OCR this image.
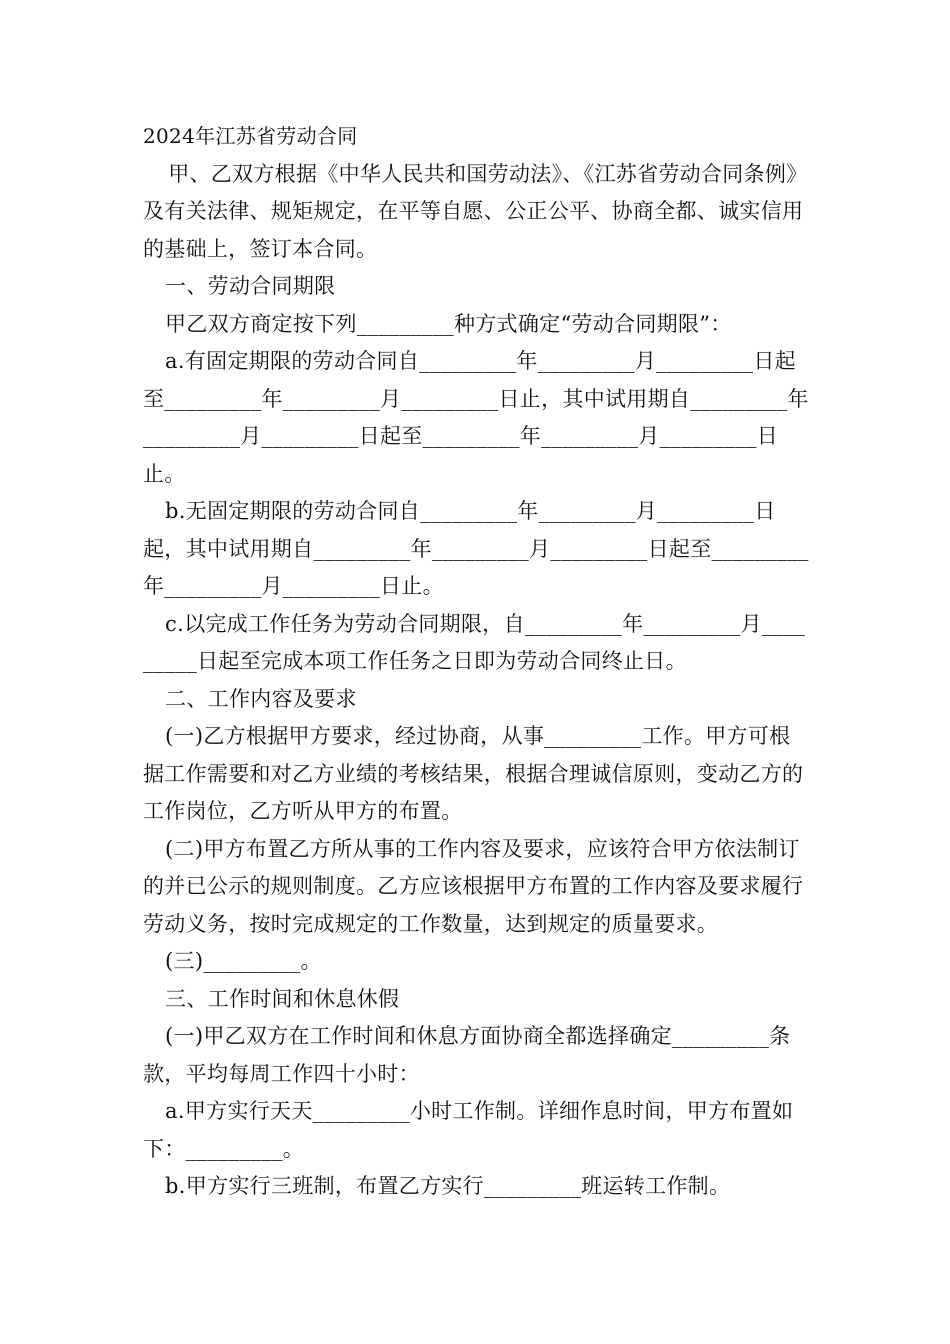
2024年江苏省劳动合同

甲、乙双方根据《中华人民共和国劳动法》、《江苏省劳动合同条例》及有关法律、规矩规定，在平等自愿、公正公平、协商全都、诚实信用的基础上，签订本合同。

一、劳动合同期限

甲乙双方商定按下列_________种方式确定“劳动合同期限”：

a.有固定期限的劳动合同自_________年_________月_________日起至_________年_________月_________日止，其中试用期自_________年_________月_________日起至_________年_________月_________日止。

b.无固定期限的劳动合同自_________年_________月_________日起，其中试用期自_________年_________月_________日起至_________年_________月_________日止。

c.以完成工作任务为劳动合同期限，自_________年_________月_________日起至完成本项工作任务之日即为劳动合同终止日。

二、工作内容及要求

(一)乙方根据甲方要求，经过协商，从事_________工作。甲方可根据工作需要和对乙方业绩的考核结果，根据合理诚信原则，变动乙方的工作岗位，乙方听从甲方的布置。

(二)甲方布置乙方所从事的工作内容及要求，应该符合甲方依法制订的并已公示的规则制度。乙方应该根据甲方布置的工作内容及要求履行劳动义务，按时完成规定的工作数量，达到规定的质量要求。

(三)_________。

三、工作时间和休息休假

(一)甲乙双方在工作时间和休息方面协商全都选择确定_________条款，平均每周工作四十小时：

a.甲方实行天天_________小时工作制。详细作息时间，甲方布置如下：_________。

b.甲方实行三班制，布置乙方实行_________班运转工作制。
